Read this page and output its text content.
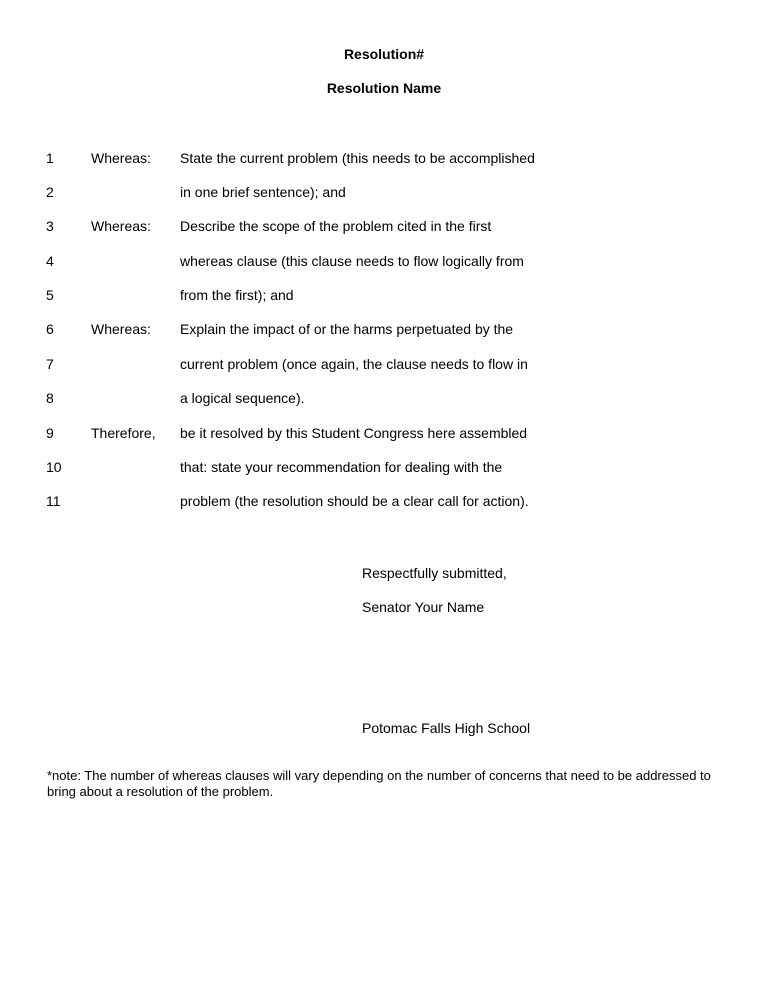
Resolution#
Resolution Name
1	Whereas: State the current problem (this needs to be accomplished
2	in one brief sentence); and
3	Whereas: Describe the scope of the problem cited in the first
4	whereas clause (this clause needs to flow logically from
5	from the first); and
6	Whereas: Explain the impact of or the harms perpetuated by the
7	current problem (once again, the clause needs to flow in
8	a logical sequence).
9	Therefore, be it resolved by this Student Congress here assembled
10	that: state your recommendation for dealing with the
11	problem (the resolution should be a clear call for action).
Respectfully submitted,
Senator Your Name
Potomac Falls High School
*note: The number of whereas clauses will vary depending on the number of concerns that need to be addressed to bring about a resolution of the problem.
